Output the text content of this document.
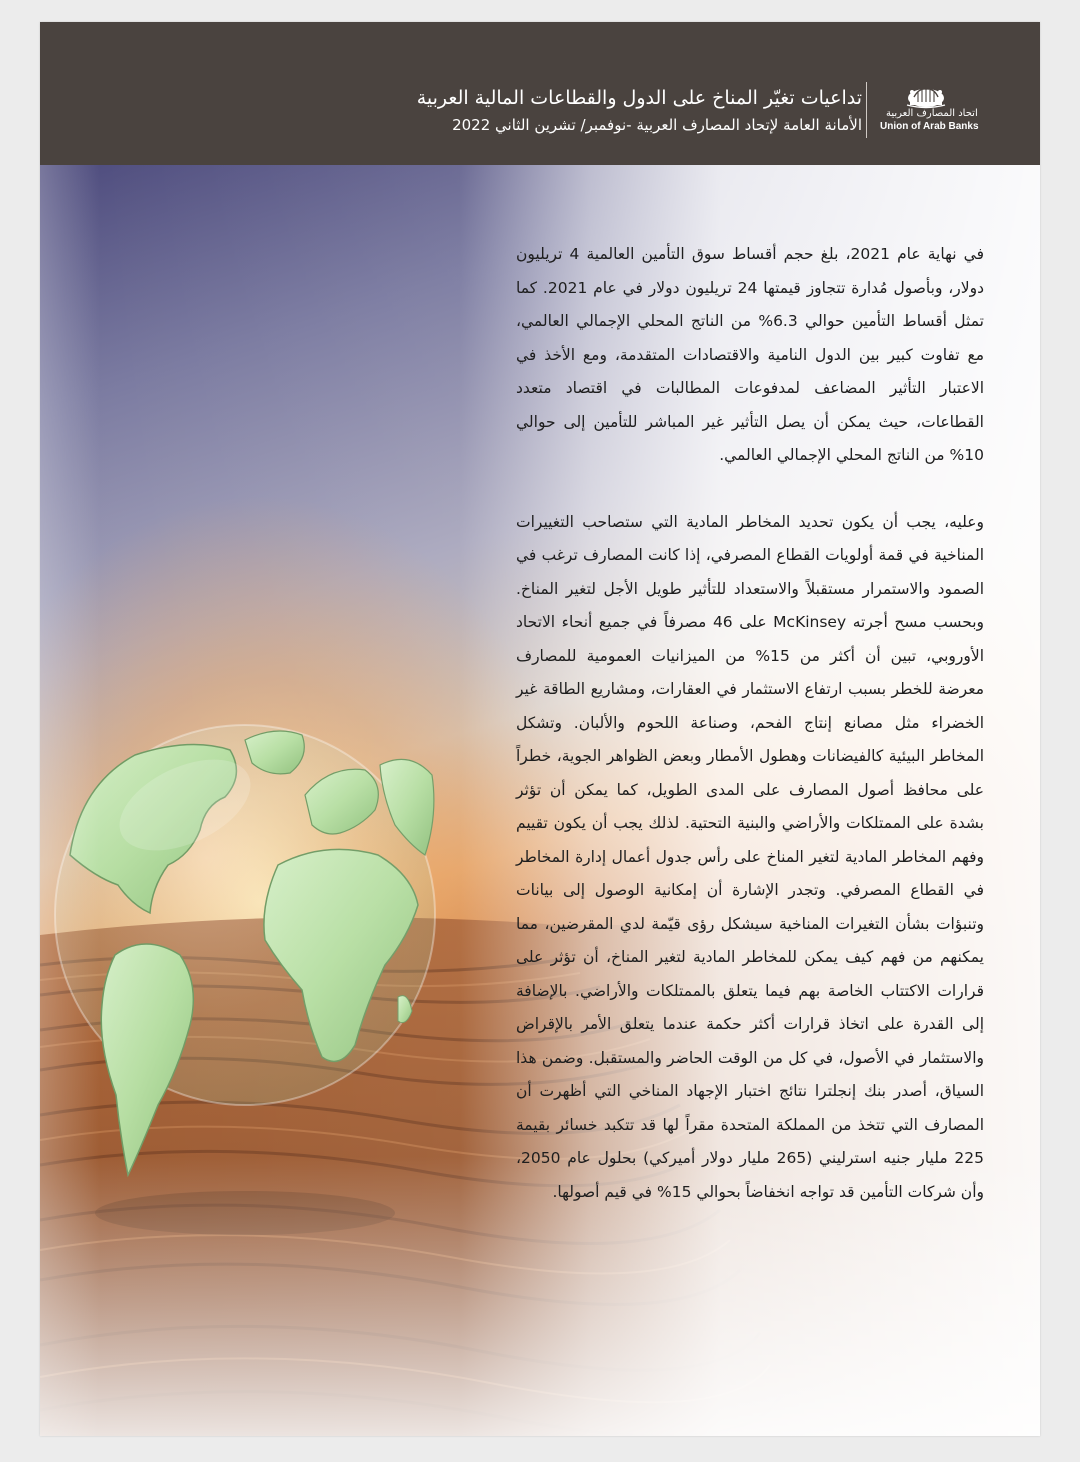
تداعيات تغيّر المناخ على الدول والقطاعات المالية العربية
الأمانة العامة لإتحاد المصارف العربية -نوفمبر/ تشرين الثاني 2022
اتحاد المصارف العربية
Union of Arab Banks

في نهاية عام 2021، بلغ حجم أقساط سوق التأمين العالمية 4 تريليون دولار، وبأصول مُدارة تتجاوز قيمتها 24 تريليون دولار في عام 2021. كما تمثل أقساط التأمين حوالي 6.3% من الناتج المحلي الإجمالي العالمي، مع تفاوت كبير بين الدول النامية والاقتصادات المتقدمة، ومع الأخذ في الاعتبار التأثير المضاعف لمدفوعات المطالبات في اقتصاد متعدد القطاعات، حيث يمكن أن يصل التأثير غير المباشر للتأمين إلى حوالي 10% من الناتج المحلي الإجمالي العالمي.

وعليه، يجب أن يكون تحديد المخاطر المادية التي ستصاحب التغييرات المناخية في قمة أولويات القطاع المصرفي، إذا كانت المصارف ترغب في الصمود والاستمرار مستقبلاً والاستعداد للتأثير طويل الأجل لتغير المناخ. وبحسب مسح أجرته McKinsey على 46 مصرفاً في جميع أنحاء الاتحاد الأوروبي، تبين أن أكثر من 15% من الميزانيات العمومية للمصارف معرضة للخطر بسبب ارتفاع الاستثمار في العقارات، ومشاريع الطاقة غير الخضراء مثل مصانع إنتاج الفحم، وصناعة اللحوم والألبان. وتشكل المخاطر البيئية كالفيضانات وهطول الأمطار وبعض الظواهر الجوية، خطراً على محافظ أصول المصارف على المدى الطويل، كما يمكن أن تؤثر بشدة على الممتلكات والأراضي والبنية التحتية. لذلك يجب أن يكون تقييم وفهم المخاطر المادية لتغير المناخ على رأس جدول أعمال إدارة المخاطر في القطاع المصرفي. وتجدر الإشارة أن إمكانية الوصول إلى بيانات وتنبؤات بشأن التغيرات المناخية سيشكل رؤى قيّمة لدي المقرضين، مما يمكنهم من فهم كيف يمكن للمخاطر المادية لتغير المناخ، أن تؤثر على قرارات الاكتتاب الخاصة بهم فيما يتعلق بالممتلكات والأراضي. بالإضافة إلى القدرة على اتخاذ قرارات أكثر حكمة عندما يتعلق الأمر بالإقراض والاستثمار في الأصول، في كل من الوقت الحاضر والمستقبل. وضمن هذا السياق، أصدر بنك إنجلترا نتائج اختبار الإجهاد المناخي التي أظهرت أن المصارف التي تتخذ من المملكة المتحدة مقراً لها قد تتكبد خسائر بقيمة 225 مليار جنيه استرليني (265 مليار دولار أميركي) بحلول عام 2050، وأن شركات التأمين قد تواجه انخفاضاً بحوالي 15% في قيم أصولها.
